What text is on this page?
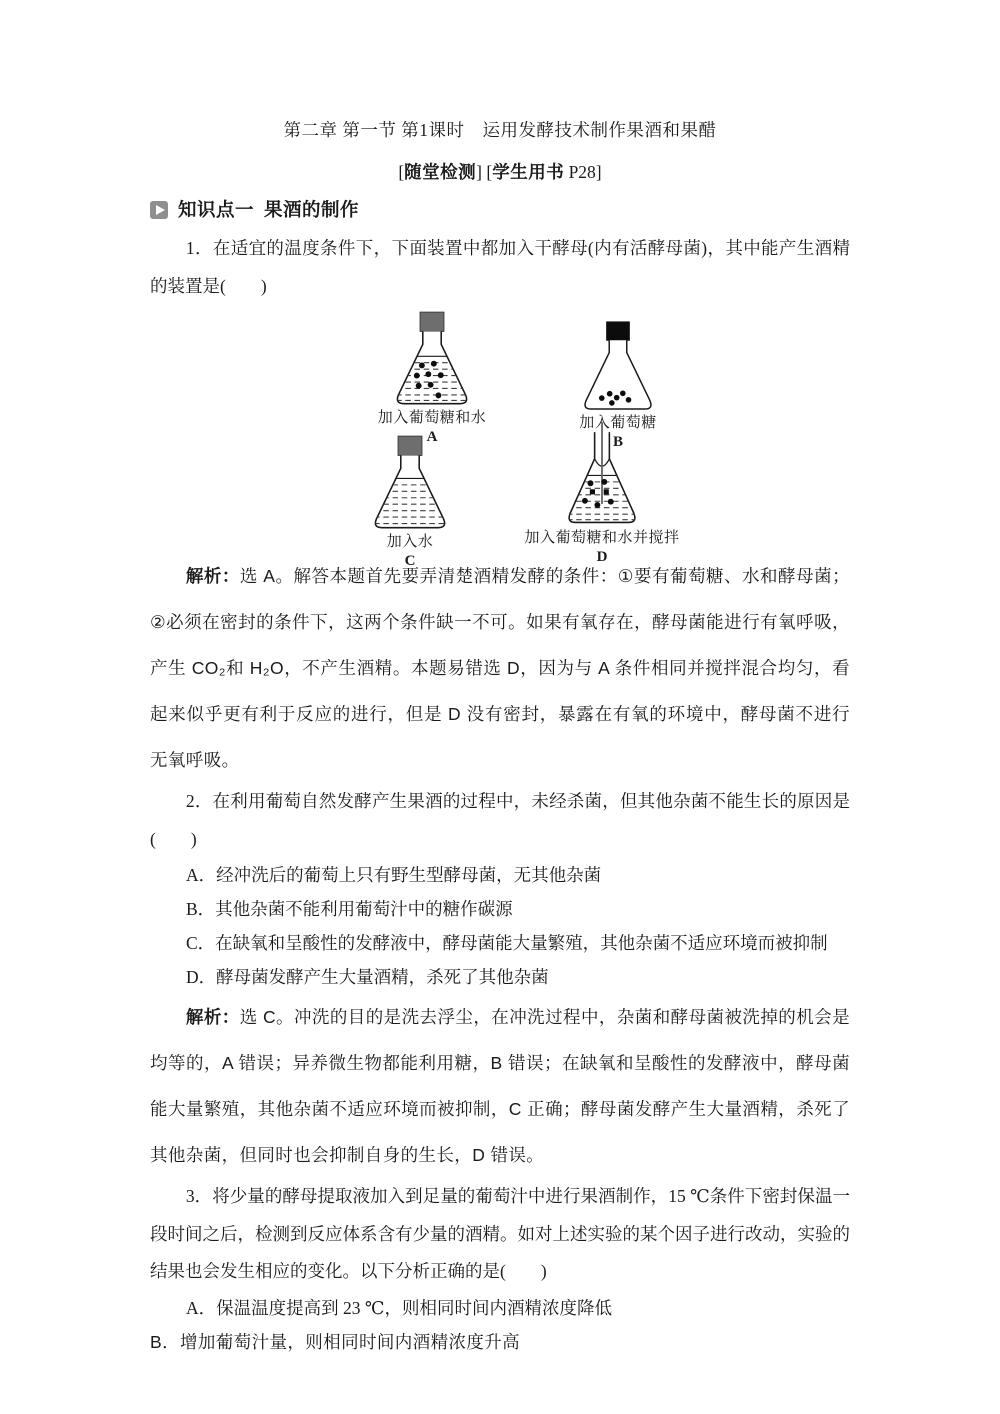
第二章 第一节 第1课时　运用发酵技术制作果酒和果醋
[随堂检测] [学生用书 P28]
知识点一 果酒的制作

1．在适宜的温度条件下，下面装置中都加入干酵母(内有活酵母菌)，其中能产生酒精的装置是(　　)

加入葡萄糖和水
A
加入葡萄糖
B
加入水
C
加入葡萄糖和水并搅拌
D

解析：选 A。解答本题首先要弄清楚酒精发酵的条件：①要有葡萄糖、水和酵母菌；②必须在密封的条件下，这两个条件缺一不可。如果有氧存在，酵母菌能进行有氧呼吸，产生 CO₂和 H₂O，不产生酒精。本题易错选 D，因为与 A 条件相同并搅拌混合均匀，看起来似乎更有利于反应的进行，但是 D 没有密封，暴露在有氧的环境中，酵母菌不进行无氧呼吸。

2．在利用葡萄自然发酵产生果酒的过程中，未经杀菌，但其他杂菌不能生长的原因是(　　)

A．经冲洗后的葡萄上只有野生型酵母菌，无其他杂菌
B．其他杂菌不能利用葡萄汁中的糖作碳源
C．在缺氧和呈酸性的发酵液中，酵母菌能大量繁殖，其他杂菌不适应环境而被抑制
D．酵母菌发酵产生大量酒精，杀死了其他杂菌

解析：选 C。冲洗的目的是洗去浮尘，在冲洗过程中，杂菌和酵母菌被洗掉的机会是均等的，A 错误；异养微生物都能利用糖，B 错误；在缺氧和呈酸性的发酵液中，酵母菌能大量繁殖，其他杂菌不适应环境而被抑制，C 正确；酵母菌发酵产生大量酒精，杀死了其他杂菌，但同时也会抑制自身的生长，D 错误。

3．将少量的酵母提取液加入到足量的葡萄汁中进行果酒制作，15 ℃条件下密封保温一段时间之后，检测到反应体系含有少量的酒精。如对上述实验的某个因子进行改动，实验的结果也会发生相应的变化。以下分析正确的是(　　)

A．保温温度提高到 23 ℃，则相同时间内酒精浓度降低
B．增加葡萄汁量，则相同时间内酒精浓度升高
